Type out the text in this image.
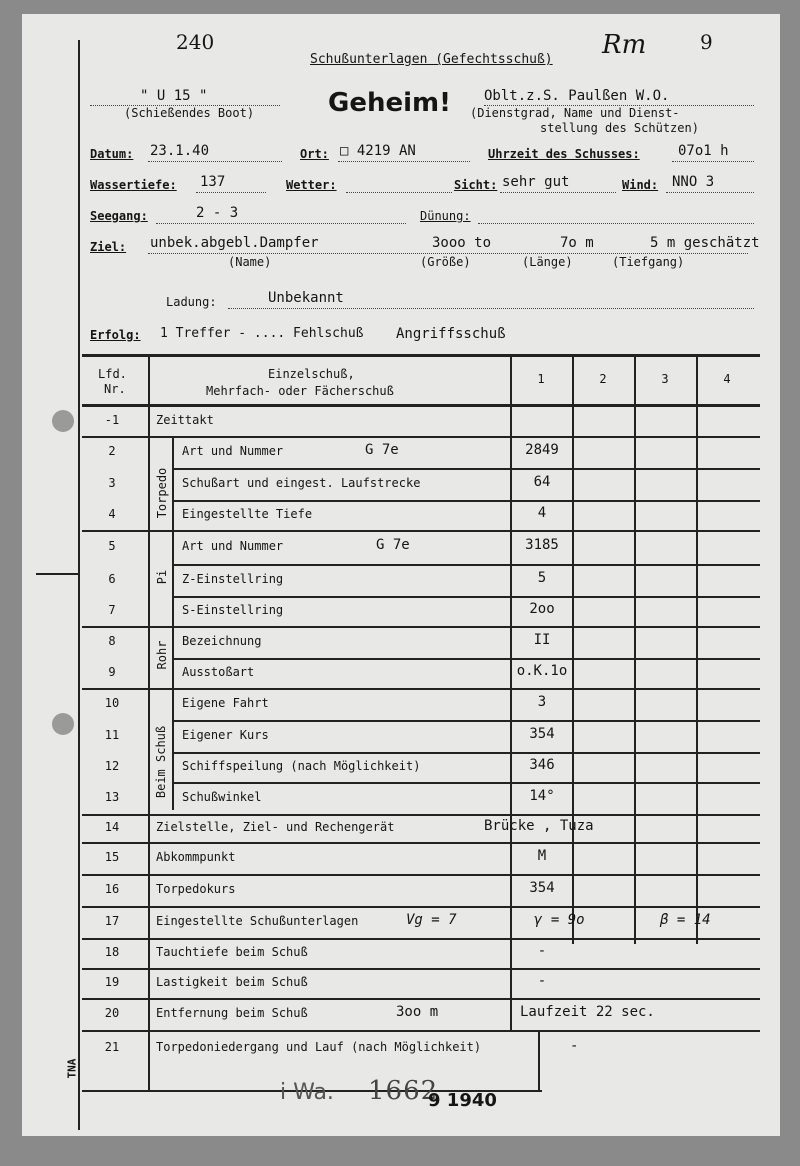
TNA
240
Schußunterlagen (Gefechtsschuß) Rm	9
" U 15 "
(Schießendes Boot)	Geheim! Oblt.z.S. Paulßen W.O.
(Dienstgrad, Name und Dienst-
stellung des Schützen)
Datum: 23.1.40	Ort: □ 4219 AN	Uhrzeit des Schusses:	07o1 h
Wassertiefe: 137	Wetter:	Sicht: sehr gut	Wind: NNO 3
Seegang:	2 - 3	Dünung:
Ziel: unbek.abgebl.Dampfer	3ooo to	7o m	5 m geschätzt
(Name)	(Größe)	(Länge)	(Tiefgang)
Ladung:	Unbekannt
Erfolg: 1 Treffer - .... Fehlschuß Angriffsschuß
Lfd.
Nr.
Einzelschuß,
Mehrfach- oder Fächerschuß
1	2	3	4
Torpedo
Pi
Rohr
Beim Schuß
-1	Zeittakt
2	Art und Nummer	G 7e	2849
3	Schußart und eingest. Laufstrecke	64
4	Eingestellte Tiefe	4
5	Art und Nummer	G 7e	3185
6	Z-Einstellring	5
7	S-Einstellring	2oo
8	Bezeichnung	II
9	Ausstoßart	o.K.1o
10	Eigene Fahrt	3
11	Eigener Kurs	354
12	Schiffspeilung (nach Möglichkeit)	346
13	Schußwinkel	14°
14	Zielstelle, Ziel- und Rechengerät	Brücke , Tuza
15	Abkommpunkt	M
16	Torpedokurs	354
17	Eingestellte Schußunterlagen	Vg = 7	γ = 9o	β = 14
18	Tauchtiefe beim Schuß	-
19	Lastigkeit beim Schuß	-
20	Entfernung beim Schuß	3oo m	Laufzeit 22 sec.
21	Torpedoniedergang und Lauf (nach Möglichkeit)	-
i Wa. 1662
9 1940
